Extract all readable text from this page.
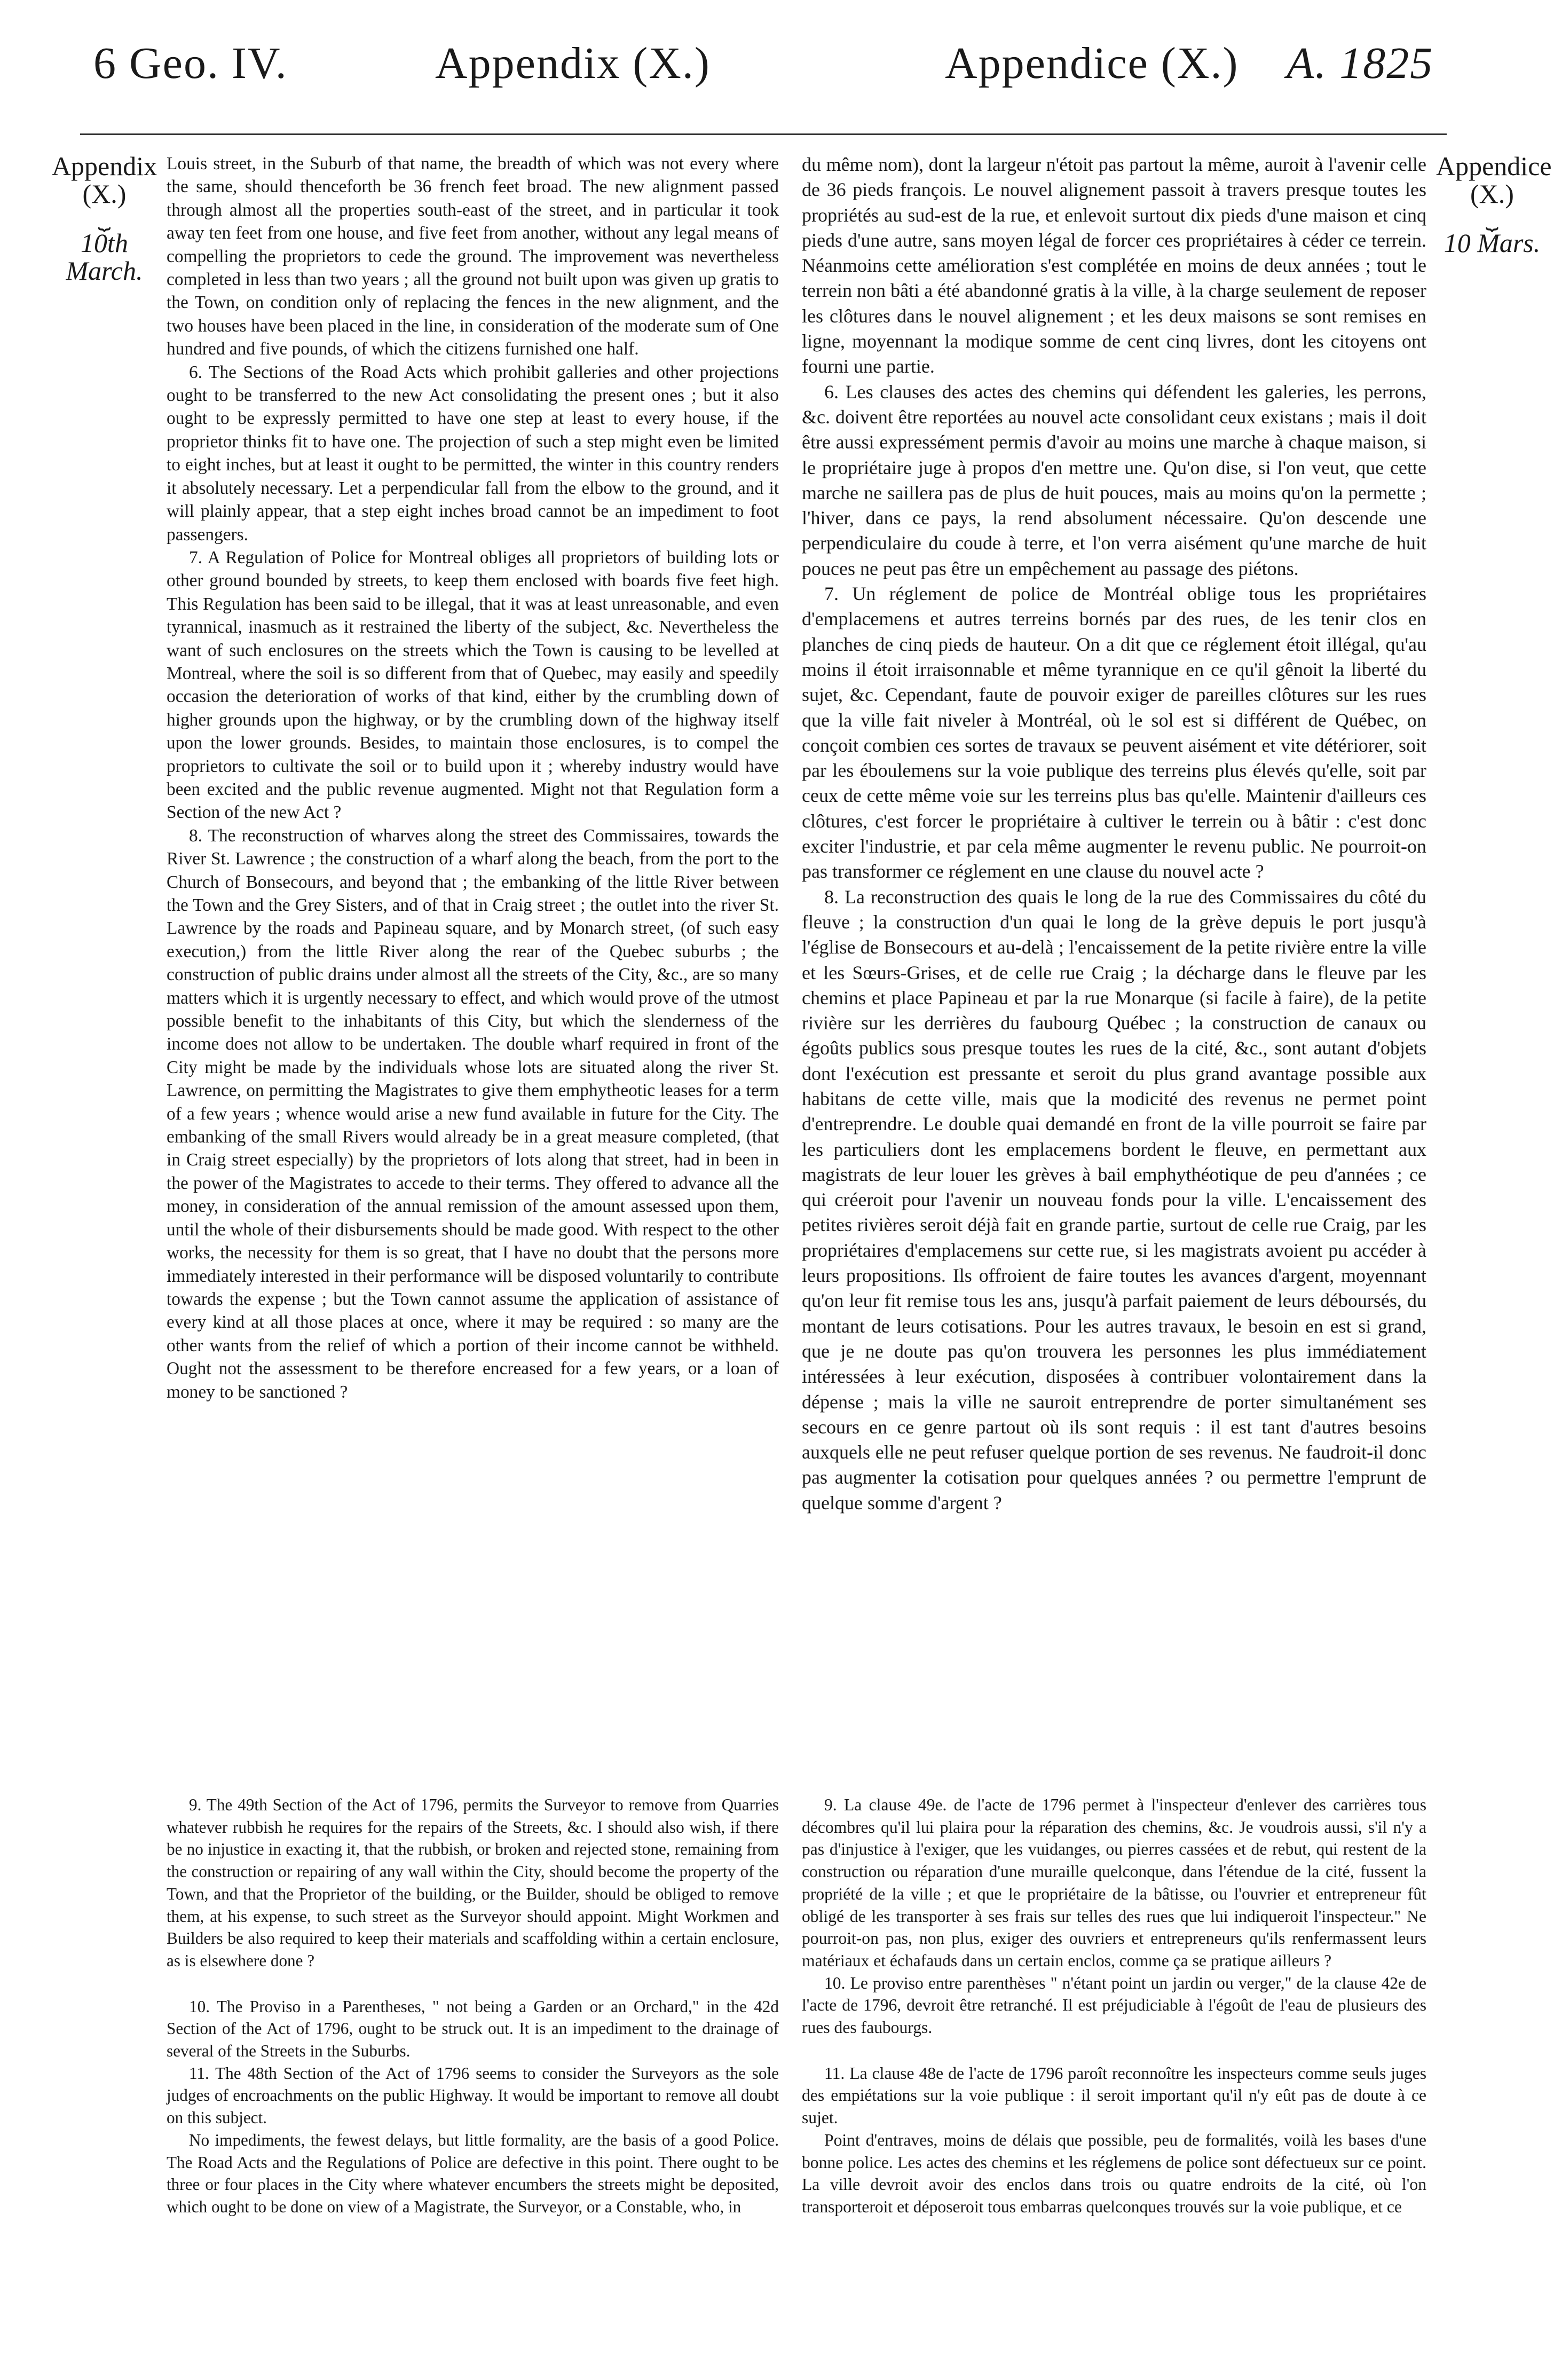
6 Geo. IV.	Appendix (X.)	Appendice (X.) A. 1825
Appendix
(X.)
⏟
10th March.
Appendice
(X.)
⏟
10 Mars.

Louis street, in the Suburb of that name, the breadth of which was not every where the same, should thenceforth be 36 french feet broad. The new alignment passed through almost all the properties south-east of the street, and in particular it took away ten feet from one house, and five feet from another, without any legal means of compelling the proprietors to cede the ground. The improvement was nevertheless completed in less than two years ; all the ground not built upon was given up gratis to the Town, on condition only of replacing the fences in the new alignment, and the two houses have been placed in the line, in consideration of the moderate sum of One hundred and five pounds, of which the citizens furnished one half.

6. The Sections of the Road Acts which prohibit galleries and other projections ought to be transferred to the new Act consolidating the present ones ; but it also ought to be expressly permitted to have one step at least to every house, if the proprietor thinks fit to have one. The projection of such a step might even be limited to eight inches, but at least it ought to be permitted, the winter in this country renders it absolutely necessary. Let a perpendicular fall from the elbow to the ground, and it will plainly appear, that a step eight inches broad cannot be an impediment to foot passengers.

7. A Regulation of Police for Montreal obliges all proprietors of building lots or other ground bounded by streets, to keep them enclosed with boards five feet high. This Regulation has been said to be illegal, that it was at least unreasonable, and even tyrannical, inasmuch as it restrained the liberty of the subject, &c. Nevertheless the want of such enclosures on the streets which the Town is causing to be levelled at Montreal, where the soil is so different from that of Quebec, may easily and speedily occasion the deterioration of works of that kind, either by the crumbling down of higher grounds upon the highway, or by the crumbling down of the highway itself upon the lower grounds. Besides, to maintain those enclosures, is to compel the proprietors to cultivate the soil or to build upon it ; whereby industry would have been excited and the public revenue augmented. Might not that Regulation form a Section of the new Act ?

8. The reconstruction of wharves along the street des Commissaires, towards the River St. Lawrence ; the construction of a wharf along the beach, from the port to the Church of Bonsecours, and beyond that ; the embanking of the little River between the Town and the Grey Sisters, and of that in Craig street ; the outlet into the river St. Lawrence by the roads and Papineau square, and by Monarch street, (of such easy execution,) from the little River along the rear of the Quebec suburbs ; the construction of public drains under almost all the streets of the City, &c., are so many matters which it is urgently necessary to effect, and which would prove of the utmost possible benefit to the inhabitants of this City, but which the slenderness of the income does not allow to be undertaken. The double wharf required in front of the City might be made by the individuals whose lots are situated along the river St. Lawrence, on permitting the Magistrates to give them emphytheotic leases for a term of a few years ; whence would arise a new fund available in future for the City. The embanking of the small Rivers would already be in a great measure completed, (that in Craig street especially) by the proprietors of lots along that street, had in been in the power of the Magistrates to accede to their terms. They offered to advance all the money, in consideration of the annual remission of the amount assessed upon them, until the whole of their disbursements should be made good. With respect to the other works, the necessity for them is so great, that I have no doubt that the persons more immediately interested in their performance will be disposed voluntarily to contribute towards the expense ; but the Town cannot assume the application of assistance of every kind at all those places at once, where it may be required : so many are the other wants from the relief of which a portion of their income cannot be withheld. Ought not the assessment to be therefore encreased for a few years, or a loan of money to be sanctioned ?

du même nom), dont la largeur n'étoit pas partout la même, auroit à l'avenir celle de 36 pieds françois. Le nouvel alignement passoit à travers presque toutes les propriétés au sud-est de la rue, et enlevoit surtout dix pieds d'une maison et cinq pieds d'une autre, sans moyen légal de forcer ces propriétaires à céder ce terrein. Néanmoins cette amélioration s'est complétée en moins de deux années ; tout le terrein non bâti a été abandonné gratis à la ville, à la charge seulement de reposer les clôtures dans le nouvel alignement ; et les deux maisons se sont remises en ligne, moyennant la modique somme de cent cinq livres, dont les citoyens ont fourni une partie.

6. Les clauses des actes des chemins qui défendent les galeries, les perrons, &c. doivent être reportées au nouvel acte consolidant ceux existans ; mais il doit être aussi expressément permis d'avoir au moins une marche à chaque maison, si le propriétaire juge à propos d'en mettre une. Qu'on dise, si l'on veut, que cette marche ne saillera pas de plus de huit pouces, mais au moins qu'on la permette ; l'hiver, dans ce pays, la rend absolument nécessaire. Qu'on descende une perpendiculaire du coude à terre, et l'on verra aisément qu'une marche de huit pouces ne peut pas être un empêchement au passage des piétons.

7. Un réglement de police de Montréal oblige tous les propriétaires d'emplacemens et autres terreins bornés par des rues, de les tenir clos en planches de cinq pieds de hauteur. On a dit que ce réglement étoit illégal, qu'au moins il étoit irraisonnable et même tyrannique en ce qu'il gênoit la liberté du sujet, &c. Cependant, faute de pouvoir exiger de pareilles clôtures sur les rues que la ville fait niveler à Montréal, où le sol est si différent de Québec, on conçoit combien ces sortes de travaux se peuvent aisément et vite détériorer, soit par les éboulemens sur la voie publique des terreins plus élevés qu'elle, soit par ceux de cette même voie sur les terreins plus bas qu'elle. Maintenir d'ailleurs ces clôtures, c'est forcer le propriétaire à cultiver le terrein ou à bâtir : c'est donc exciter l'industrie, et par cela même augmenter le revenu public. Ne pourroit-on pas transformer ce réglement en une clause du nouvel acte ?

8. La reconstruction des quais le long de la rue des Commissaires du côté du fleuve ; la construction d'un quai le long de la grève depuis le port jusqu'à l'église de Bonsecours et au-delà ; l'encaissement de la petite rivière entre la ville et les Sœurs-Grises, et de celle rue Craig ; la décharge dans le fleuve par les chemins et place Papineau et par la rue Monarque (si facile à faire), de la petite rivière sur les derrières du faubourg Québec ; la construction de canaux ou égoûts publics sous presque toutes les rues de la cité, &c., sont autant d'objets dont l'exécution est pressante et seroit du plus grand avantage possible aux habitans de cette ville, mais que la modicité des revenus ne permet point d'entreprendre. Le double quai demandé en front de la ville pourroit se faire par les particuliers dont les emplacemens bordent le fleuve, en permettant aux magistrats de leur louer les grèves à bail emphythéotique de peu d'années ; ce qui créeroit pour l'avenir un nouveau fonds pour la ville. L'encaissement des petites rivières seroit déjà fait en grande partie, surtout de celle rue Craig, par les propriétaires d'emplacemens sur cette rue, si les magistrats avoient pu accéder à leurs propositions. Ils offroient de faire toutes les avances d'argent, moyennant qu'on leur fit remise tous les ans, jusqu'à parfait paiement de leurs déboursés, du montant de leurs cotisations. Pour les autres travaux, le besoin en est si grand, que je ne doute pas qu'on trouvera les personnes les plus immédiatement intéressées à leur exécution, disposées à contribuer volontairement dans la dépense ; mais la ville ne sauroit entreprendre de porter simultanément ses secours en ce genre partout où ils sont requis : il est tant d'autres besoins auxquels elle ne peut refuser quelque portion de ses revenus. Ne faudroit-il donc pas augmenter la cotisation pour quelques années ? ou permettre l'emprunt de quelque somme d'argent ?

9. The 49th Section of the Act of 1796, permits the Surveyor to remove from Quarries whatever rubbish he requires for the repairs of the Streets, &c. I should also wish, if there be no injustice in exacting it, that the rubbish, or broken and rejected stone, remaining from the construction or repairing of any wall within the City, should become the property of the Town, and that the Proprietor of the building, or the Builder, should be obliged to remove them, at his expense, to such street as the Surveyor should appoint. Might Workmen and Builders be also required to keep their materials and scaffolding within a certain enclosure, as is elsewhere done ?

10. The Proviso in a Parentheses, " not being a Garden or an Orchard," in the 42d Section of the Act of 1796, ought to be struck out. It is an impediment to the drainage of several of the Streets in the Suburbs.

11. The 48th Section of the Act of 1796 seems to consider the Surveyors as the sole judges of encroachments on the public Highway. It would be important to remove all doubt on this subject.

No impediments, the fewest delays, but little formality, are the basis of a good Police. The Road Acts and the Regulations of Police are defective in this point. There ought to be three or four places in the City where whatever encumbers the streets might be deposited, which ought to be done on view of a Magistrate, the Surveyor, or a Constable, who, in

9. La clause 49e. de l'acte de 1796 permet à l'inspecteur d'enlever des carrières tous décombres qu'il lui plaira pour la réparation des chemins, &c. Je voudrois aussi, s'il n'y a pas d'injustice à l'exiger, que les vuidanges, ou pierres cassées et de rebut, qui restent de la construction ou réparation d'une muraille quelconque, dans l'étendue de la cité, fussent la propriété de la ville ; et que le propriétaire de la bâtisse, ou l'ouvrier et entrepreneur fût obligé de les transporter à ses frais sur telles des rues que lui indiqueroit l'inspecteur." Ne pourroit-on pas, non plus, exiger des ouvriers et entrepreneurs qu'ils renfermassent leurs matériaux et échafauds dans un certain enclos, comme ça se pratique ailleurs ?

10. Le proviso entre parenthèses " n'étant point un jardin ou verger," de la clause 42e de l'acte de 1796, devroit être retranché. Il est préjudiciable à l'égoût de l'eau de plusieurs des rues des faubourgs.

11. La clause 48e de l'acte de 1796 paroît reconnoître les inspecteurs comme seuls juges des empiétations sur la voie publique : il seroit important qu'il n'y eût pas de doute à ce sujet.

Point d'entraves, moins de délais que possible, peu de formalités, voilà les bases d'une bonne police. Les actes des chemins et les réglemens de police sont défectueux sur ce point. La ville devroit avoir des enclos dans trois ou quatre endroits de la cité, où l'on transporteroit et déposeroit tous embarras quelconques trouvés sur la voie publique, et ce
